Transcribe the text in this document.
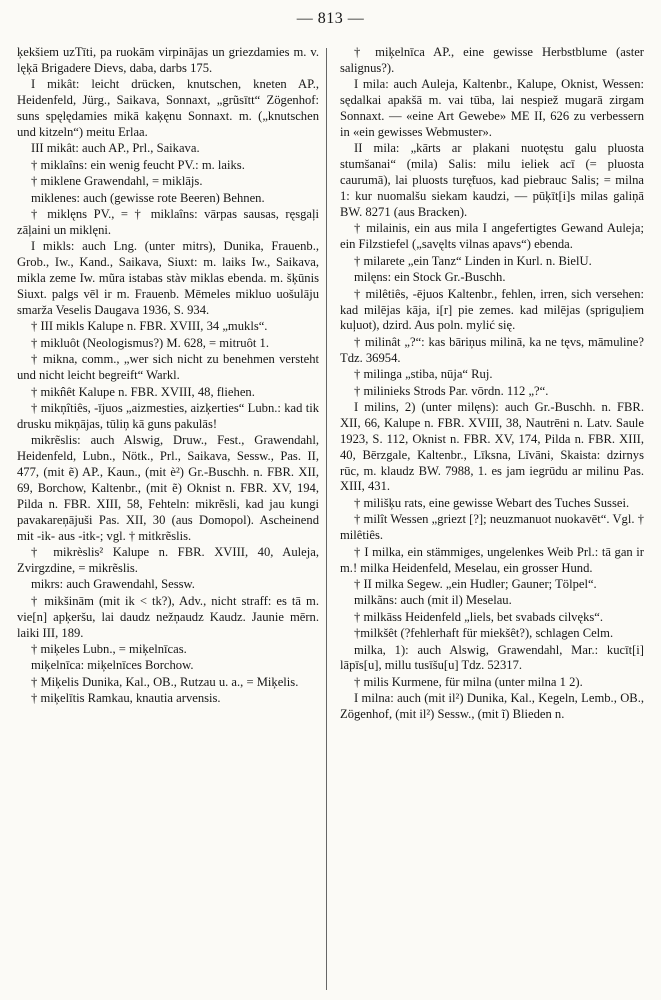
— 813 —

ķekšiem uzTīti, pa ruokām virpinājas un griezdamies m. v. lęķā Brigadere Dievs, daba, darbs 175.

I mikât: leicht drücken, knutschen, kneten AP., Heidenfeld, Jürg., Saikava, Sonnaxt, „grũsītt“ Zögenhof: suns spęlędamies mikā kaķęnu Sonnaxt. m. („knutschen und kitzeln“) meitu Erlaa.

III mikât: auch AP., Prl., Saikava.

† miklaîns: ein wenig feucht PV.: m. laiks.

† miklene Grawendahl, = miklājs.

miklenes: auch (gewisse rote Beeren) Behnen.

† miklęns PV., = † miklaîns: vārpas sausas, ręsgaļi zāļaini un miklęni.

I mikls: auch Lng. (unter mitrs), Dunika, Frauenb., Grob., Iw., Kand., Saikava, Siuxt: m. laiks Iw., Saikava, mikla zeme Iw. mũra istabas stàv miklas ebenda. m. šķūnis Siuxt. palgs vēl ir m. Frauenb. Mēmeles mikluo uošulāju smarža Veselis Daugava 1936, S. 934.

† III mikls Kalupe n. FBR. XVIII, 34 „mukls“.

† mikluôt (Neologismus?) M. 628, = mitruôt 1.

† mikna, comm., „wer sich nicht zu benehmen versteht und nicht leicht begreift“ Warkl.

† mikn̂êt Kalupe n. FBR. XVIII, 48, fliehen.

† mikņîtiês, -ījuos „aizmesties, aizķerties“ Lubn.: kad tik drusku mikņājas, tūliņ kā guns pakulās!

mikrẽslis: auch Alswig, Druw., Fest., Grawendahl, Heidenfeld, Lubn., Nötk., Prl., Saikava, Sessw., Pas. II, 477, (mit ẽ) AP., Kaun., (mit è²) Gr.-Buschh. n. FBR. XII, 69, Borchow, Kaltenbr., (mit ẽ) Oknist n. FBR. XV, 194, Pilda n. FBR. XIII, 58, Fehteln: mikrẽsli, kad jau kungi pavakareņājuši Pas. XII, 30 (aus Domopol). Ascheinend mit -ik- aus -itk-; vgl. † mitkrẽslis.

† mikrèslis² Kalupe n. FBR. XVIII, 40, Auleja, Zvirgzdine, = mikrẽslis.

mikrs: auch Grawendahl, Sessw.

† mikšinām (mit ik < tk?), Adv., nicht straff: es tā m. vie[n] apķeršu, lai daudz nežņaudz Kaudz. Jaunie mērn. laiki III, 189.

† miķeles Lubn., = miķelnīcas.

miķelnīca: miķelnīces Borchow.

† Miķelis Dunika, Kal., OB., Rutzau u. a., = Miķelis.

† miķelītis Ramkau, knautia arvensis.

† miķelnīca AP., eine gewisse Herbstblume (aster salignus?).

I mila: auch Auleja, Kaltenbr., Kalupe, Oknist, Wessen: sędalkai apakšā m. vai tūba, lai nespiež mugarā zirgam Sonnaxt. — «eine Art Gewebe» ME II, 626 zu verbessern in «ein gewisses Webmuster».

II mila: „kārts ar plakani nuotęstu galu pluosta stumšanai“ (mila) Salis: milu ieliek acī (= pluosta caurumā), lai pluosts turę̃tuos, kad piebrauc Salis; = milna 1: kur nuomalšu siekam kaudzi, — pūķīt[i]s milas galiņā BW. 8271 (aus Bracken).

† milainis, ein aus mila I angefertigtes Gewand Auleja; ein Filzstiefel („savęlts vilnas apavs“) ebenda.

† milarete „ein Tanz“ Linden in Kurl. n. BielU.

milęns: ein Stock Gr.-Buschh.

† milêtiês, -ējuos Kaltenbr., fehlen, irren, sich versehen: kad milējas kāja, i[r] pie zemes. kad milējas (spriguļiem kuļuot), dzird. Aus poln. mylić się.

† milinât „?“: kas bāriņus milinā, ka ne tęvs, māmuline? Tdz. 36954.

† milinga „stiba, nūja“ Ruj.

† milinieks Strods Par. vōrdn. 112 „?“.

I milins, 2) (unter milęns): auch Gr.-Buschh. n. FBR. XII, 66, Kalupe n. FBR. XVIII, 38, Nautrēni n. Latv. Saule 1923, S. 112, Oknist n. FBR. XV, 174, Pilda n. FBR. XIII, 40, Bērzgale, Kaltenbr., Līksna, Līvāni, Skaista: dzirnys rūc, m. klaudz BW. 7988, 1. es jam iegrūdu ar milinu Pas. XIII, 431.

† milišķu rats, eine gewisse Webart des Tuches Sussei.

† milît Wessen „griezt [?]; neuzmanuot nuokavēt“. Vgl. † milêtiês.

† I milka, ein stämmiges, ungelenkes Weib Prl.: tā gan ir m.! milka Heidenfeld, Meselau, ein grosser Hund.

† II milka Segew. „ein Hudler; Gauner; Tölpel“.

milkãns: auch (mit il) Meselau.

† milkāss Heidenfeld „liels, bet svabads cilvęks“.

†milkšêt (?fehlerhaft für miekšêt?), schlagen Celm.

milka, 1): auch Alswig, Grawendahl, Mar.: kucīt[i] lāpīs[u], millu tusīšu[u] Tdz. 52317.

† milis Kurmene, für milna (unter milna 1 2).

I milna: auch (mit il²) Dunika, Kal., Kegeln, Lemb., OB., Zögenhof, (mit il²) Sessw., (mit ĩ) Blieden n.
